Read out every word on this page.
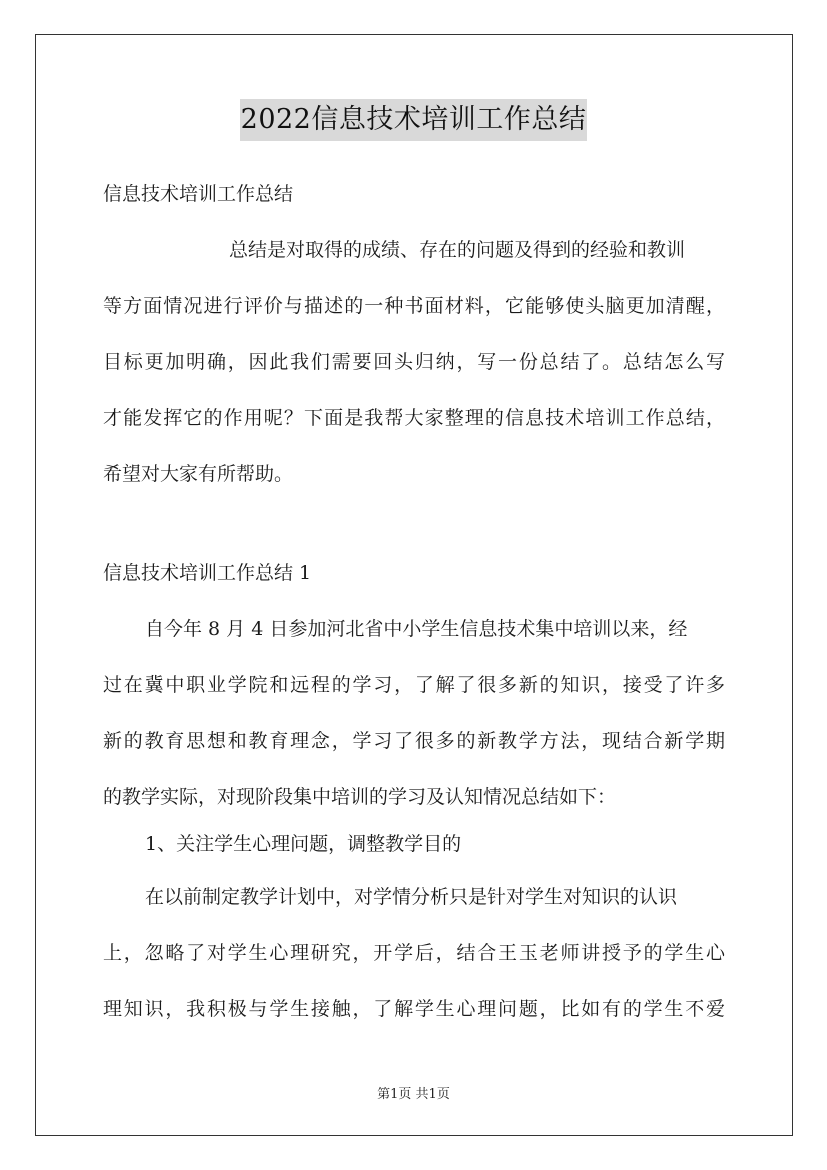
2022信息技术培训工作总结
信息技术培训工作总结
总结是对取得的成绩、存在的问题及得到的经验和教训
等方面情况进行评价与描述的一种书面材料，它能够使头脑更加清醒，
目标更加明确，因此我们需要回头归纳，写一份总结了。总结怎么写
才能发挥它的作用呢？下面是我帮大家整理的信息技术培训工作总结，
希望对大家有所帮助。
信息技术培训工作总结 1
自今年 8 月 4 日参加河北省中小学生信息技术集中培训以来，经
过在冀中职业学院和远程的学习，了解了很多新的知识，接受了许多
新的教育思想和教育理念，学习了很多的新教学方法，现结合新学期
的教学实际，对现阶段集中培训的学习及认知情况总结如下：
1、关注学生心理问题，调整教学目的
在以前制定教学计划中，对学情分析只是针对学生对知识的认识
上，忽略了对学生心理研究，开学后，结合王玉老师讲授予的学生心
理知识，我积极与学生接触，了解学生心理问题，比如有的学生不爱
第1页 共1页
